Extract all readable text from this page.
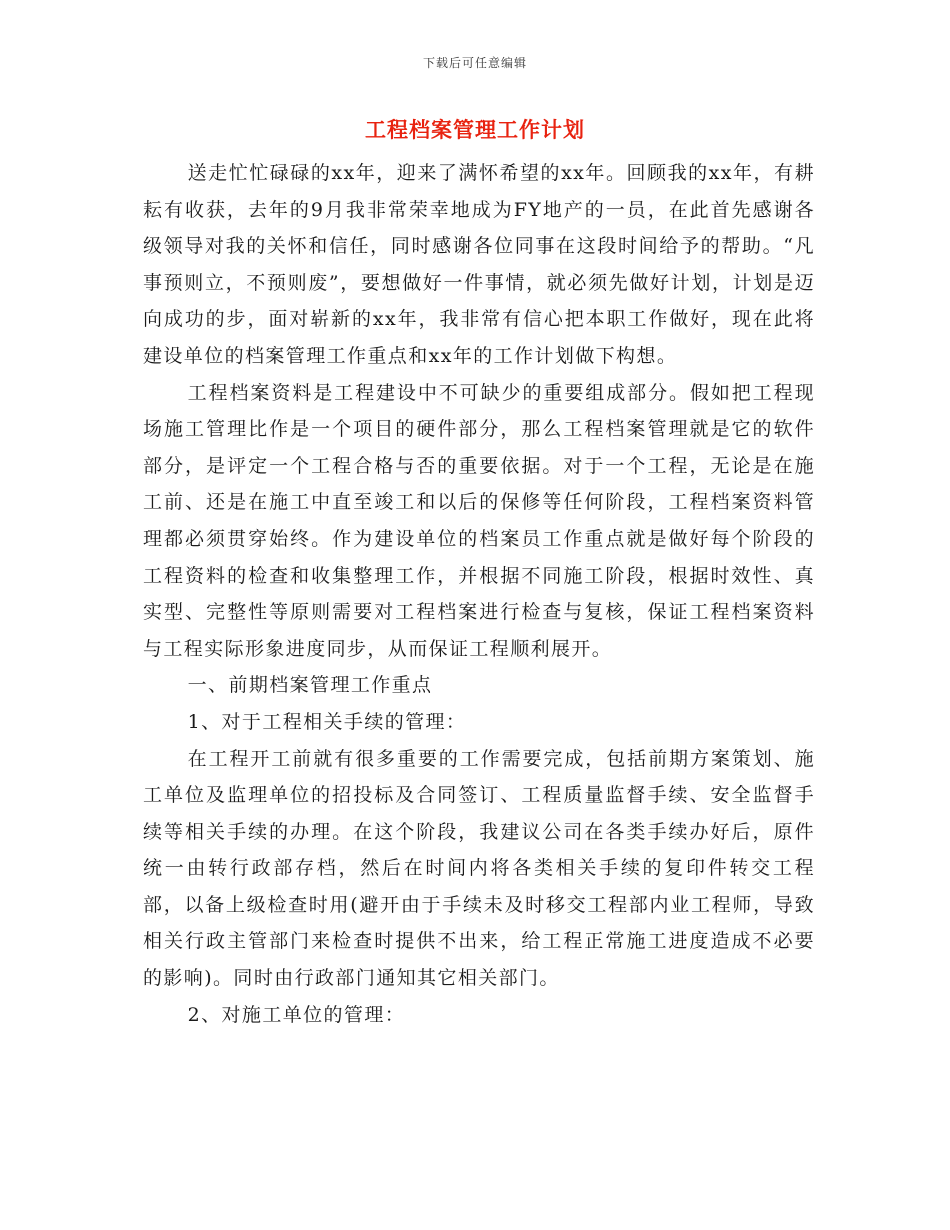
下载后可任意编辑
工程档案管理工作计划

送走忙忙碌碌的xx年，迎来了满怀希望的xx年。回顾我的xx年，有耕耘有收获，去年的9月我非常荣幸地成为FY地产的一员，在此首先感谢各级领导对我的关怀和信任，同时感谢各位同事在这段时间给予的帮助。“凡事预则立，不预则废”，要想做好一件事情，就必须先做好计划，计划是迈向成功的步，面对崭新的xx年，我非常有信心把本职工作做好，现在此将建设单位的档案管理工作重点和xx年的工作计划做下构想。

工程档案资料是工程建设中不可缺少的重要组成部分。假如把工程现场施工管理比作是一个项目的硬件部分，那么工程档案管理就是它的软件部分，是评定一个工程合格与否的重要依据。对于一个工程，无论是在施工前、还是在施工中直至竣工和以后的保修等任何阶段，工程档案资料管理都必须贯穿始终。作为建设单位的档案员工作重点就是做好每个阶段的工程资料的检查和收集整理工作，并根据不同施工阶段，根据时效性、真实型、完整性等原则需要对工程档案进行检查与复核，保证工程档案资料与工程实际形象进度同步，从而保证工程顺利展开。

一、前期档案管理工作重点

1、对于工程相关手续的管理：

在工程开工前就有很多重要的工作需要完成，包括前期方案策划、施工单位及监理单位的招投标及合同签订、工程质量监督手续、安全监督手续等相关手续的办理。在这个阶段，我建议公司在各类手续办好后，原件统一由转行政部存档，然后在时间内将各类相关手续的复印件转交工程部，以备上级检查时用(避开由于手续未及时移交工程部内业工程师，导致相关行政主管部门来检查时提供不出来，给工程正常施工进度造成不必要的影响)。同时由行政部门通知其它相关部门。

2、对施工单位的管理：
